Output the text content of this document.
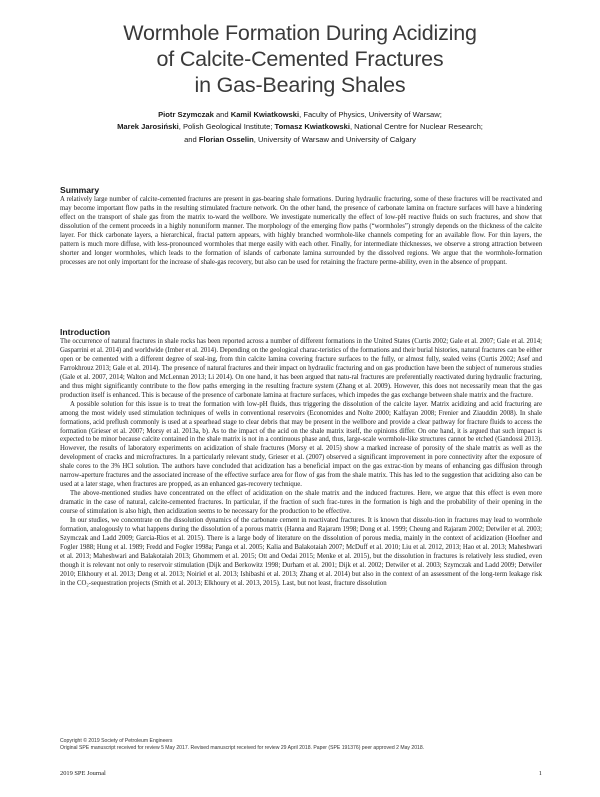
Wormhole Formation During Acidizing
of Calcite-Cemented Fractures
in Gas-Bearing Shales
Piotr Szymczak and Kamil Kwiatkowski, Faculty of Physics, University of Warsaw;
Marek Jarosiński, Polish Geological Institute; Tomasz Kwiatkowski, National Centre for Nuclear Research;
and Florian Osselin, University of Warsaw and University of Calgary
Summary

A relatively large number of calcite-cemented fractures are present in gas-bearing shale formations. During hydraulic fracturing, some of these fractures will be reactivated and may become important flow paths in the resulting stimulated fracture network. On the other hand, the presence of carbonate lamina on fracture surfaces will have a hindering effect on the transport of shale gas from the matrix to-ward the wellbore. We investigate numerically the effect of low-pH reactive fluids on such fractures, and show that dissolution of the cement proceeds in a highly nonuniform manner. The morphology of the emerging flow paths (“wormholes”) strongly depends on the thickness of the calcite layer. For thick carbonate layers, a hierarchical, fractal pattern appears, with highly branched wormhole-like channels competing for an available flow. For thin layers, the pattern is much more diffuse, with less-pronounced wormholes that merge easily with each other. Finally, for intermediate thicknesses, we observe a strong attraction between shorter and longer wormholes, which leads to the formation of islands of carbonate lamina surrounded by the dissolved regions. We argue that the wormhole-formation processes are not only important for the increase of shale-gas recovery, but also can be used for retaining the fracture perme-ability, even in the absence of proppant.

Introduction

The occurrence of natural fractures in shale rocks has been reported across a number of different formations in the United States (Curtis 2002; Gale et al. 2007; Gale et al. 2014; Gasparrini et al. 2014) and worldwide (Imber et al. 2014). Depending on the geological charac-teristics of the formations and their burial histories, natural fractures can be either open or be cemented with a different degree of seal-ing, from thin calcite lamina covering fracture surfaces to the fully, or almost fully, sealed veins (Curtis 2002; Asef and Farrokhrouz 2013; Gale et al. 2014). The presence of natural fractures and their impact on hydraulic fracturing and on gas production have been the subject of numerous studies (Gale et al. 2007, 2014; Walton and McLennan 2013; Li 2014). On one hand, it has been argued that natu-ral fractures are preferentially reactivated during hydraulic fracturing, and thus might significantly contribute to the flow paths emerging in the resulting fracture system (Zhang et al. 2009). However, this does not necessarily mean that the gas production itself is enhanced. This is because of the presence of carbonate lamina at fracture surfaces, which impedes the gas exchange between shale matrix and the fracture.

A possible solution for this issue is to treat the formation with low-pH fluids, thus triggering the dissolution of the calcite layer. Matrix acidizing and acid fracturing are among the most widely used stimulation techniques of wells in conventional reservoirs (Economides and Nolte 2000; Kalfayan 2008; Frenier and Ziauddin 2008). In shale formations, acid preflush commonly is used at a spearhead stage to clear debris that may be present in the wellbore and provide a clear pathway for fracture fluids to access the formation (Grieser et al. 2007; Morsy et al. 2013a, b). As to the impact of the acid on the shale matrix itself, the opinions differ. On one hand, it is argued that such impact is expected to be minor because calcite contained in the shale matrix is not in a continuous phase and, thus, large-scale wormhole-like structures cannot be etched (Gandossi 2013). However, the results of laboratory experiments on acidization of shale fractures (Morsy et al. 2015) show a marked increase of porosity of the shale matrix as well as the development of cracks and microfractures. In a particularly relevant study, Grieser et al. (2007) observed a significant improvement in pore connectivity after the exposure of shale cores to the 3% HCl solution. The authors have concluded that acidization has a beneficial impact on the gas extrac-tion by means of enhancing gas diffusion through narrow-aperture fractures and the associated increase of the effective surface area for flow of gas from the shale matrix. This has led to the suggestion that acidizing also can be used at a later stage, when fractures are propped, as an enhanced gas-recovery technique.

The above-mentioned studies have concentrated on the effect of acidization on the shale matrix and the induced fractures. Here, we argue that this effect is even more dramatic in the case of natural, calcite-cemented fractures. In particular, if the fraction of such frac-tures in the formation is high and the probability of their opening in the course of stimulation is also high, then acidization seems to be necessary for the production to be effective.

In our studies, we concentrate on the dissolution dynamics of the carbonate cement in reactivated fractures. It is known that dissolu-tion in fractures may lead to wormhole formation, analogously to what happens during the dissolution of a porous matrix (Hanna and Rajaram 1998; Dong et al. 1999; Cheung and Rajaram 2002; Detwiler et al. 2003; Szymczak and Ladd 2009; Garcia-Rios et al. 2015). There is a large body of literature on the dissolution of porous media, mainly in the context of acidization (Hoefner and Fogler 1988; Hung et al. 1989; Fredd and Fogler 1998a; Panga et al. 2005; Kalia and Balakotaiah 2007; McDuff et al. 2010; Liu et al. 2012, 2013; Hao et al. 2013; Maheshwari et al. 2013; Maheshwari and Balakotaiah 2013; Ghommem et al. 2015; Ott and Oedai 2015; Menke et al. 2015), but the dissolution in fractures is relatively less studied, even though it is relevant not only to reservoir stimulation (Dijk and Berkowitz 1998; Durham et al. 2001; Dijk et al. 2002; Detwiler et al. 2003; Szymczak and Ladd 2009; Detwiler 2010; Elkhoury et al. 2013; Deng et al. 2013; Noiriel et al. 2013; Ishibashi et al. 2013; Zhang et al. 2014) but also in the context of an assessment of the long-term leakage risk in the CO₂-sequestration projects (Smith et al. 2013; Elkhoury et al. 2013, 2015). Last, but not least, fracture dissolution

Copyright © 2019 Society of Petroleum Engineers
Original SPE manuscript received for review 5 May 2017. Revised manuscript received for review 29 April 2018. Paper (SPE 191376) peer approved 2 May 2018.
2019 SPE Journal	1
